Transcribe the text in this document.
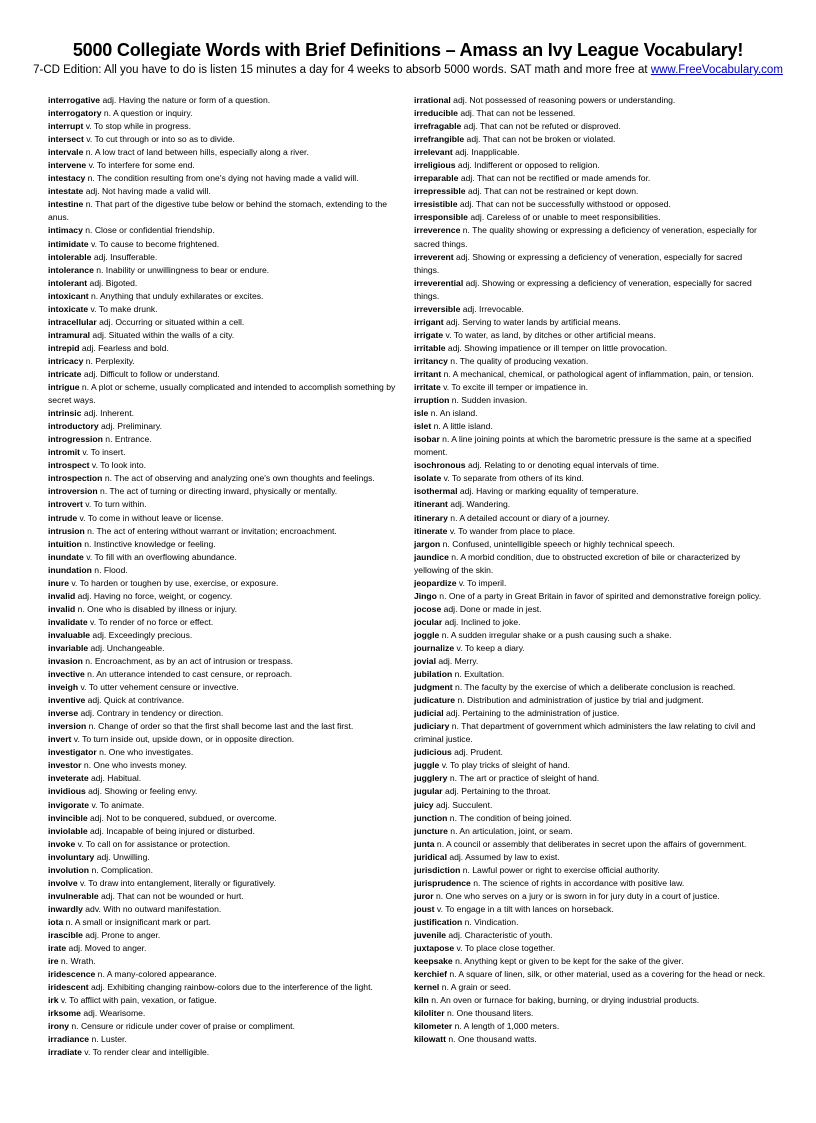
5000 Collegiate Words with Brief Definitions – Amass an Ivy League Vocabulary!
7-CD Edition: All you have to do is listen 15 minutes a day for 4 weeks to absorb 5000 words. SAT math and more free at www.FreeVocabulary.com
interrogative adj. Having the nature or form of a question.
interrogatory n. A question or inquiry.
interrupt v. To stop while in progress.
intersect v. To cut through or into so as to divide.
intervale n. A low tract of land between hills, especially along a river.
intervene v. To interfere for some end.
intestacy n. The condition resulting from one's dying not having made a valid will.
intestate adj. Not having made a valid will.
intestine n. That part of the digestive tube below or behind the stomach, extending to the anus.
intimacy n. Close or confidential friendship.
intimidate v. To cause to become frightened.
intolerable adj. Insufferable.
intolerance n. Inability or unwillingness to bear or endure.
intolerant adj. Bigoted.
intoxicant n. Anything that unduly exhilarates or excites.
intoxicate v. To make drunk.
intracellular adj. Occurring or situated within a cell.
intramural adj. Situated within the walls of a city.
intrepid adj. Fearless and bold.
intricacy n. Perplexity.
intricate adj. Difficult to follow or understand.
intrigue n. A plot or scheme, usually complicated and intended to accomplish something by secret ways.
intrinsic adj. Inherent.
introductory adj. Preliminary.
introgression n. Entrance.
intromit v. To insert.
introspect v. To look into.
introspection n. The act of observing and analyzing one's own thoughts and feelings.
introversion n. The act of turning or directing inward, physically or mentally.
introvert v. To turn within.
intrude v. To come in without leave or license.
intrusion n. The act of entering without warrant or invitation; encroachment.
intuition n. Instinctive knowledge or feeling.
inundate v. To fill with an overflowing abundance.
inundation n. Flood.
inure v. To harden or toughen by use, exercise, or exposure.
invalid adj. Having no force, weight, or cogency.
invalid n. One who is disabled by illness or injury.
invalidate v. To render of no force or effect.
invaluable adj. Exceedingly precious.
invariable adj. Unchangeable.
invasion n. Encroachment, as by an act of intrusion or trespass.
invective n. An utterance intended to cast censure, or reproach.
inveigh v. To utter vehement censure or invective.
inventive adj. Quick at contrivance.
inverse adj. Contrary in tendency or direction.
inversion n. Change of order so that the first shall become last and the last first.
invert v. To turn inside out, upside down, or in opposite direction.
investigator n. One who investigates.
investor n. One who invests money.
inveterate adj. Habitual.
invidious adj. Showing or feeling envy.
invigorate v. To animate.
invincible adj. Not to be conquered, subdued, or overcome.
inviolable adj. Incapable of being injured or disturbed.
invoke v. To call on for assistance or protection.
involuntary adj. Unwilling.
involution n. Complication.
involve v. To draw into entanglement, literally or figuratively.
invulnerable adj. That can not be wounded or hurt.
inwardly adv. With no outward manifestation.
iota n. A small or insignificant mark or part.
irascible adj. Prone to anger.
irate adj. Moved to anger.
ire n. Wrath.
iridescence n. A many-colored appearance.
iridescent adj. Exhibiting changing rainbow-colors due to the interference of the light.
irk v. To afflict with pain, vexation, or fatigue.
irksome adj. Wearisome.
irony n. Censure or ridicule under cover of praise or compliment.
irradiance n. Luster.
irradiate v. To render clear and intelligible.
irrational adj. Not possessed of reasoning powers or understanding.
irreducible adj. That can not be lessened.
irrefragable adj. That can not be refuted or disproved.
irrefrangible adj. That can not be broken or violated.
irrelevant adj. Inapplicable.
irreligious adj. Indifferent or opposed to religion.
irreparable adj. That can not be rectified or made amends for.
irrepressible adj. That can not be restrained or kept down.
irresistible adj. That can not be successfully withstood or opposed.
irresponsible adj. Careless of or unable to meet responsibilities.
irreverence n. The quality showing or expressing a deficiency of veneration, especially for sacred things.
irreverent adj. Showing or expressing a deficiency of veneration, especially for sacred things.
irreverential adj. Showing or expressing a deficiency of veneration, especially for sacred things.
irreversible adj. Irrevocable.
irrigant adj. Serving to water lands by artificial means.
irrigate v. To water, as land, by ditches or other artificial means.
irritable adj. Showing impatience or ill temper on little provocation.
irritancy n. The quality of producing vexation.
irritant n. A mechanical, chemical, or pathological agent of inflammation, pain, or tension.
irritate v. To excite ill temper or impatience in.
irruption n. Sudden invasion.
isle n. An island.
islet n. A little island.
isobar n. A line joining points at which the barometric pressure is the same at a specified moment.
isochronous adj. Relating to or denoting equal intervals of time.
isolate v. To separate from others of its kind.
isothermal adj. Having or marking equality of temperature.
itinerant adj. Wandering.
itinerary n. A detailed account or diary of a journey.
itinerate v. To wander from place to place.
jargon n. Confused, unintelligible speech or highly technical speech.
jaundice n. A morbid condition, due to obstructed excretion of bile or characterized by yellowing of the skin.
jeopardize v. To imperil.
Jingo n. One of a party in Great Britain in favor of spirited and demonstrative foreign policy.
jocose adj. Done or made in jest.
jocular adj. Inclined to joke.
joggle n. A sudden irregular shake or a push causing such a shake.
journalize v. To keep a diary.
jovial adj. Merry.
jubilation n. Exultation.
judgment n. The faculty by the exercise of which a deliberate conclusion is reached.
judicature n. Distribution and administration of justice by trial and judgment.
judicial adj. Pertaining to the administration of justice.
judiciary n. That department of government which administers the law relating to civil and criminal justice.
judicious adj. Prudent.
juggle v. To play tricks of sleight of hand.
jugglery n. The art or practice of sleight of hand.
jugular adj. Pertaining to the throat.
juicy adj. Succulent.
junction n. The condition of being joined.
juncture n. An articulation, joint, or seam.
junta n. A council or assembly that deliberates in secret upon the affairs of government.
juridical adj. Assumed by law to exist.
jurisdiction n. Lawful power or right to exercise official authority.
jurisprudence n. The science of rights in accordance with positive law.
juror n. One who serves on a jury or is sworn in for jury duty in a court of justice.
joust v. To engage in a tilt with lances on horseback.
justification n. Vindication.
juvenile adj. Characteristic of youth.
juxtapose v. To place close together.
keepsake n. Anything kept or given to be kept for the sake of the giver.
kerchief n. A square of linen, silk, or other material, used as a covering for the head or neck.
kernel n. A grain or seed.
kiln n. An oven or furnace for baking, burning, or drying industrial products.
kiloliter n. One thousand liters.
kilometer n. A length of 1,000 meters.
kilowatt n. One thousand watts.
